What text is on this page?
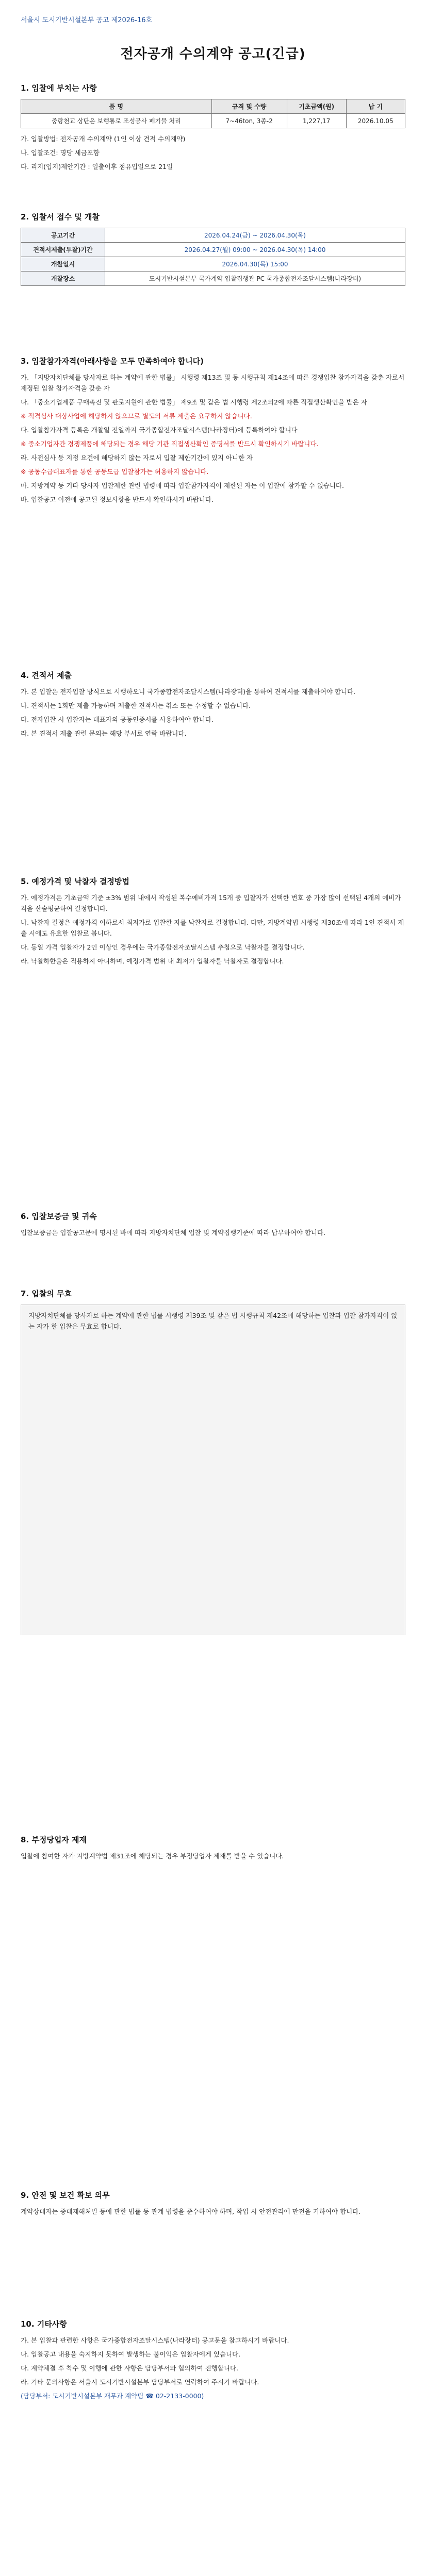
서울시 도시기반시설본부 공고 제2026-16호
전자공개 수의계약 공고(긴급)
1. 입찰에 부치는 사항
품 명	규격 및 수량	기초금액(원)	납 기
중랑천교 상단은 보행통로 조성공사 폐기물 처리	7~46ton, 3종-2	1,227,17	2026.10.05

가. 입찰방법: 전자공개 수의계약 (1인 이상 견적 수의계약)

나. 입찰조건: 명당 세금포함

다. 리지(입지)제안기간 : 일출이후 점유입일으로 21일

2. 입찰서 접수 및 개찰
공고기간	2026.04.24(금) ~ 2026.04.30(목)
견적서제출(투찰)기간	2026.04.27(월) 09:00 ~ 2026.04.30(목) 14:00
개찰일시	2026.04.30(목) 15:00
개찰장소	도시기반시설본부 국가계약 입찰집행관 PC 국가종합전자조달시스템(나라장터)
3. 입찰참가자격(아래사항을 모두 만족하여야 합니다)

가. 「지방자치단체를 당사자로 하는 계약에 관한 법률」 시행령 제13조 및 동 시행규칙 제14조에 따른 경쟁입찰 참가자격을 갖춘 자로서 제정된 입찰 참가자격을 갖춘 자

나. 「중소기업제품 구매촉진 및 판로지원에 관한 법률」 제9조 및 같은 법 시행령 제2조의2에 따른 직접생산확인을 받은 자

※ 적격심사 대상사업에 해당하지 않으므로 별도의 서류 제출은 요구하지 않습니다.

다. 입찰참가자격 등록은 개찰일 전일까지 국가종합전자조달시스템(나라장터)에 등록하여야 합니다

※ 중소기업자간 경쟁제품에 해당되는 경우 해당 기관 직접생산확인 증명서를 반드시 확인하시기 바랍니다.

라. 사전심사 등 지정 요건에 해당하지 않는 자로서 입찰 제한기간에 있지 아니한 자

※ 공동수급대표자를 통한 공동도급 입찰참가는 허용하지 않습니다.

마. 지방계약 등 기타 당사자 입찰제한 관련 법령에 따라 입찰참가자격이 제한된 자는 이 입찰에 참가할 수 없습니다.

바. 입찰공고 이전에 공고된 정보사항을 반드시 확인하시기 바랍니다.

4. 견적서 제출

가. 본 입찰은 전자입찰 방식으로 시행하오니 국가종합전자조달시스템(나라장터)을 통하여 견적서를 제출하여야 합니다.

나. 견적서는 1회만 제출 가능하며 제출한 견적서는 취소 또는 수정할 수 없습니다.

다. 전자입찰 시 입찰자는 대표자의 공동인증서를 사용하여야 합니다.

라. 본 견적서 제출 관련 문의는 해당 부서로 연락 바랍니다.

5. 예정가격 및 낙찰자 결정방법

가. 예정가격은 기초금액 기준 ±3% 범위 내에서 작성된 복수예비가격 15개 중 입찰자가 선택한 번호 중 가장 많이 선택된 4개의 예비가격을 산술평균하여 결정합니다.

나. 낙찰자 결정은 예정가격 이하로서 최저가로 입찰한 자를 낙찰자로 결정합니다. 다만, 지방계약법 시행령 제30조에 따라 1인 견적서 제출 시에도 유효한 입찰로 봅니다.

다. 동일 가격 입찰자가 2인 이상인 경우에는 국가종합전자조달시스템 추첨으로 낙찰자를 결정합니다.

라. 낙찰하한율은 적용하지 아니하며, 예정가격 범위 내 최저가 입찰자를 낙찰자로 결정합니다.

6. 입찰보증금 및 귀속

입찰보증금은 입찰공고문에 명시된 바에 따라 지방자치단체 입찰 및 계약집행기준에 따라 납부하여야 합니다.

7. 입찰의 무효

지방자치단체를 당사자로 하는 계약에 관한 법률 시행령 제39조 및 같은 법 시행규칙 제42조에 해당하는 입찰과 입찰 참가자격이 없는 자가 한 입찰은 무효로 합니다.

8. 부정당업자 제재

입찰에 참여한 자가 지방계약법 제31조에 해당되는 경우 부정당업자 제재를 받을 수 있습니다.

9. 안전 및 보건 확보 의무

계약상대자는 중대재해처벌 등에 관한 법률 등 관계 법령을 준수하여야 하며, 작업 시 안전관리에 만전을 기하여야 합니다.

10. 기타사항

가. 본 입찰과 관련한 사항은 국가종합전자조달시스템(나라장터) 공고문을 참고하시기 바랍니다.

나. 입찰공고 내용을 숙지하지 못하여 발생하는 불이익은 입찰자에게 있습니다.

다. 계약체결 후 착수 및 이행에 관한 사항은 담당부서와 협의하여 진행합니다.

라. 기타 문의사항은 서울시 도시기반시설본부 담당부서로 연락하여 주시기 바랍니다.

(담당부서: 도시기반시설본부 재무과 계약팀 ☎ 02-2133-0000)
